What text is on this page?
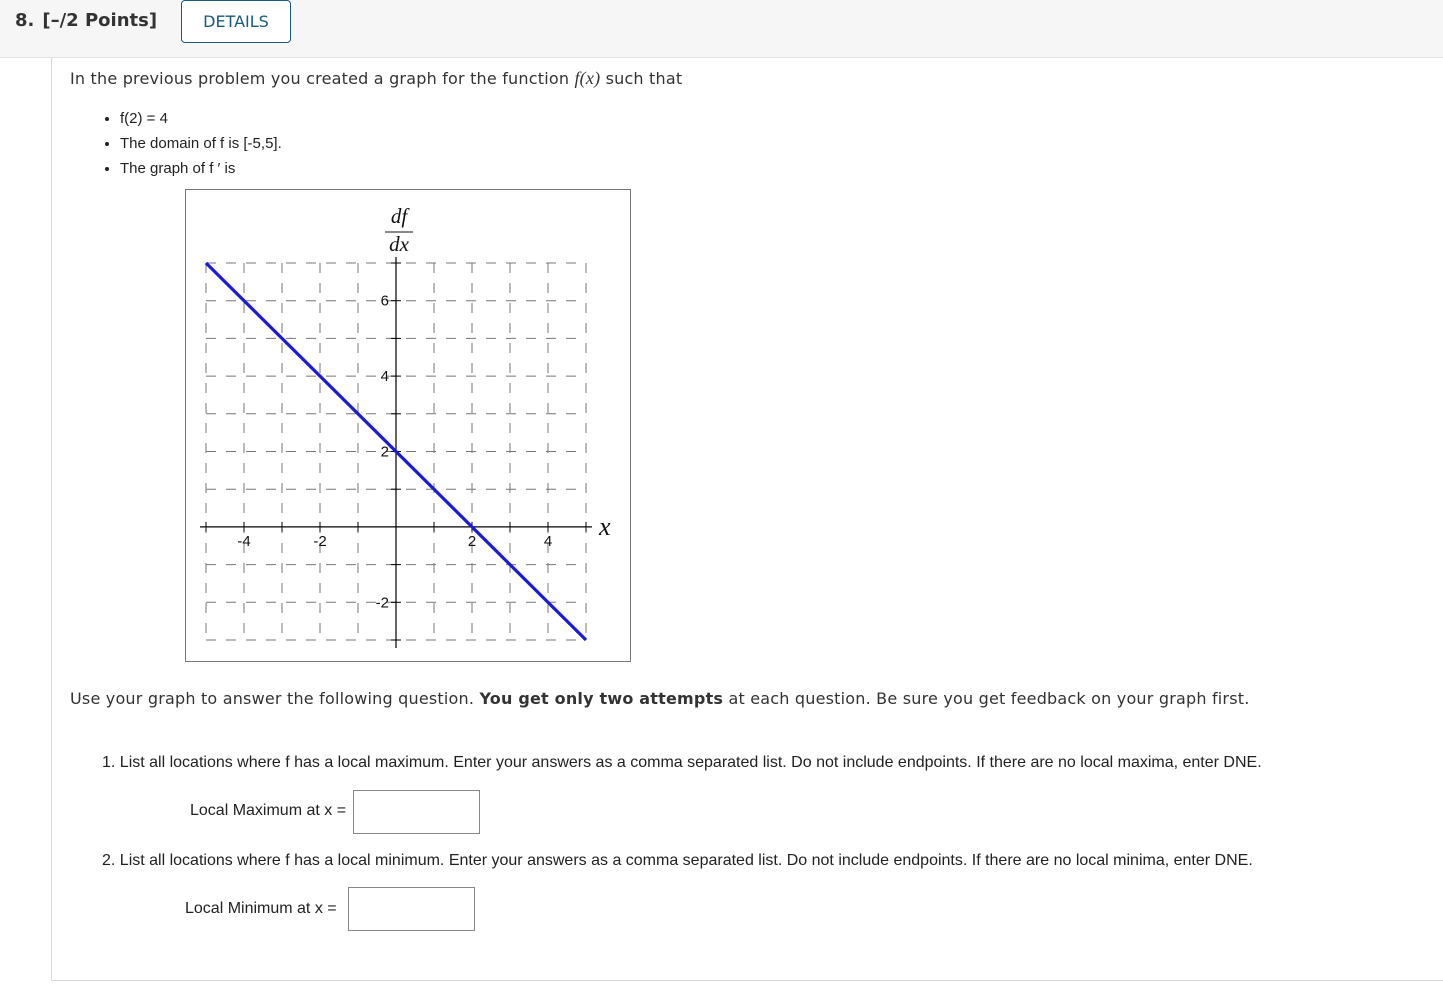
8. [–/2 Points]	DETAILS
In the previous problem you created a graph for the function f(x) such that
• f(2) = 4
• The domain of f is [-5,5].
• The graph of f ′ is
-4	-2	2	4
6
4
2
-2
df
dx
x
Use your graph to answer the following question. You get only two attempts at each question. Be sure you get feedback on your graph first.
1. List all locations where f has a local maximum. Enter your answers as a comma separated list. Do not include endpoints. If there are no local maxima, enter DNE.
Local Maximum at x =
2. List all locations where f has a local minimum. Enter your answers as a comma separated list. Do not include endpoints. If there are no local minima, enter DNE.
Local Minimum at x =
